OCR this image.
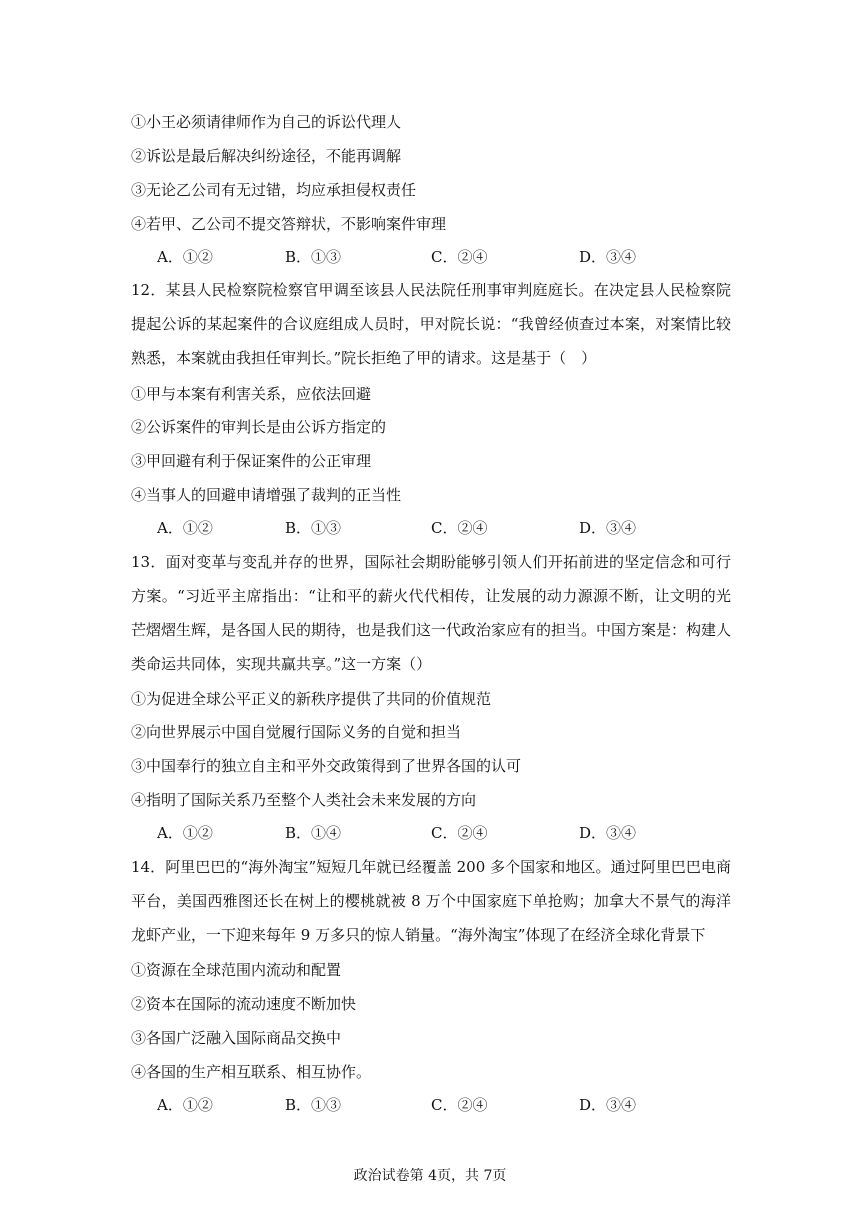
①小王必须请律师作为自己的诉讼代理人
②诉讼是最后解决纠纷途径，不能再调解
③无论乙公司有无过错，均应承担侵权责任
④若甲、乙公司不提交答辩状，不影响案件审理
A．①②	B．①③	C．②④	D．③④
12．某县人民检察院检察官甲调至该县人民法院任刑事审判庭庭长。在决定县人民检察院提起公诉的某起案件的合议庭组成人员时，甲对院长说：“我曾经侦查过本案，对案情比较熟悉，本案就由我担任审判长。”院长拒绝了甲的请求。这是基于（　）
①甲与本案有利害关系，应依法回避
②公诉案件的审判长是由公诉方指定的
③甲回避有利于保证案件的公正审理
④当事人的回避申请增强了裁判的正当性
A．①②	B．①③	C．②④	D．③④
13．面对变革与变乱并存的世界，国际社会期盼能够引领人们开拓前进的坚定信念和可行方案。“习近平主席指出：“让和平的薪火代代相传，让发展的动力源源不断，让文明的光芒熠熠生辉，是各国人民的期待，也是我们这一代政治家应有的担当。中国方案是：构建人类命运共同体，实现共赢共享。”这一方案（）
①为促进全球公平正义的新秩序提供了共同的价值规范
②向世界展示中国自觉履行国际义务的自觉和担当
③中国奉行的独立自主和平外交政策得到了世界各国的认可
④指明了国际关系乃至整个人类社会未来发展的方向
A．①②	B．①④	C．②④	D．③④
14．阿里巴巴的“海外淘宝”短短几年就已经覆盖 200 多个国家和地区。通过阿里巴巴电商平台，美国西雅图还长在树上的樱桃就被 8 万个中国家庭下单抢购；加拿大不景气的海洋龙虾产业，一下迎来每年 9 万多只的惊人销量。“海外淘宝”体现了在经济全球化背景下
①资源在全球范围内流动和配置
②资本在国际的流动速度不断加快
③各国广泛融入国际商品交换中
④各国的生产相互联系、相互协作。
A．①②	B．①③	C．②④	D．③④
政治试卷第 4页，共 7页
